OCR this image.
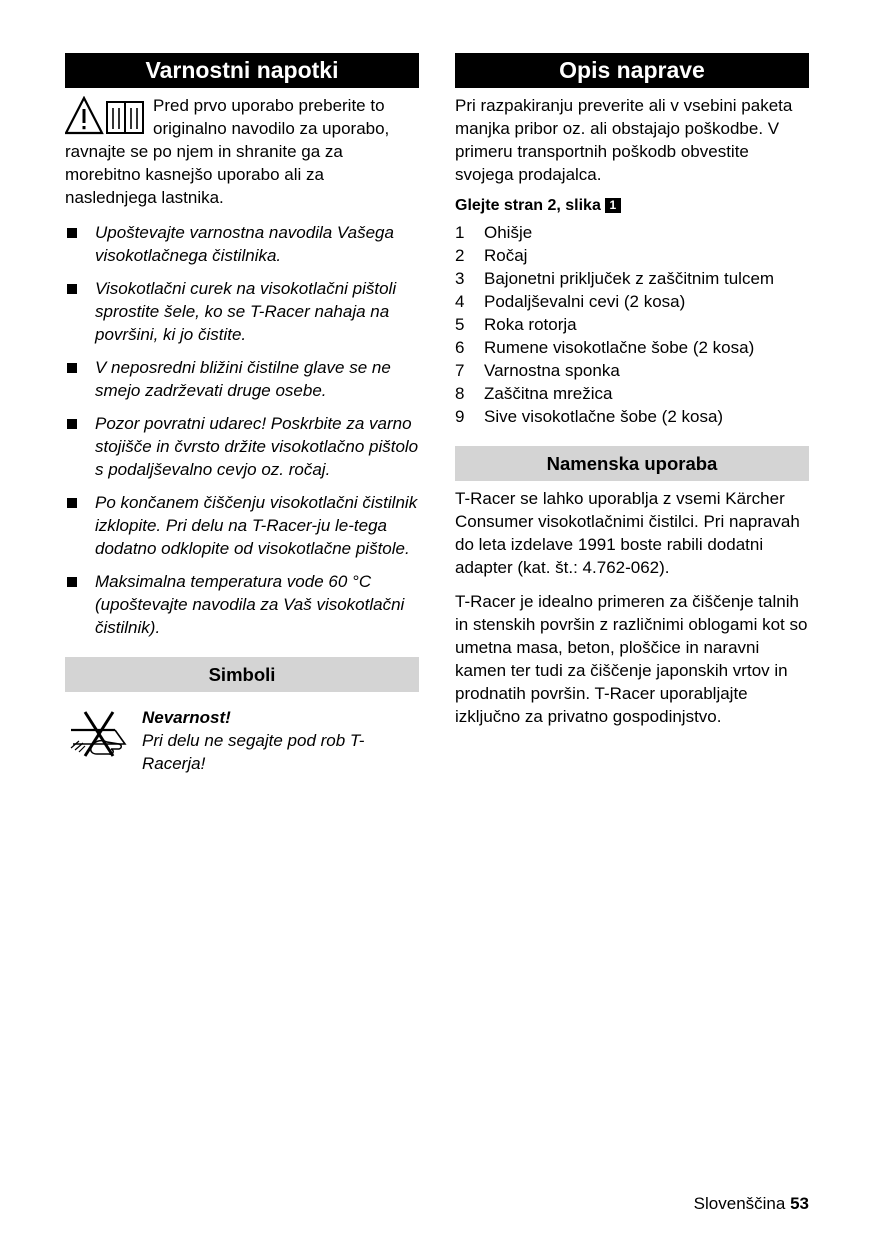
Varnostni napotki

Pred prvo uporabo preberite to originalno navodilo za uporabo, ravnajte se po njem in shranite ga za morebitno kasnejšo uporabo ali za naslednjega lastnika.

Upoštevajte varnostna navodila Vašega visokotlačnega čistilnika.
Visokotlačni curek na visokotlačni pištoli sprostite šele, ko se T-Racer nahaja na površini, ki jo čistite.
V neposredni bližini čistilne glave se ne smejo zadrževati druge osebe.
Pozor povratni udarec! Poskrbite za varno stojišče in čvrsto držite visokotlačno pištolo s podaljševalno cevjo oz. ročaj.
Po končanem čiščenju visokotlačni čistilnik izklopite. Pri delu na T-Racer-ju le-tega dodatno odklopite od visokotlačne pištole.
Maksimalna temperatura vode 60 °C (upoštevajte navodila za Vaš visokotlačni čistilnik).
Simboli
Nevarnost!
Pri delu ne segajte pod rob T-Racerja!
Opis naprave

Pri razpakiranju preverite ali v vsebini paketa manjka pribor oz. ali obstajajo poškodbe. V primeru transportnih poškodb obvestite svojega prodajalca.

Glejte stran 2, slika 1
1 Ohišje
2 Ročaj
3 Bajonetni priključek z zaščitnim tulcem
4 Podaljševalni cevi (2 kosa)
5 Roka rotorja
6 Rumene visokotlačne šobe (2 kosa)
7 Varnostna sponka
8 Zaščitna mrežica
9 Sive visokotlačne šobe (2 kosa)
Namenska uporaba

T-Racer se lahko uporablja z vsemi Kärcher Consumer visokotlačnimi čistilci. Pri napravah do leta izdelave 1991 boste rabili dodatni adapter (kat. št.: 4.762-062).

T-Racer je idealno primeren za čiščenje talnih in stenskih površin z različnimi oblogami kot so umetna masa, beton, ploščice in naravni kamen ter tudi za čiščenje japonskih vrtov in prodnatih površin. T-Racer uporabljajte izključno za privatno gospodinjstvo.

Slovenščina 53
